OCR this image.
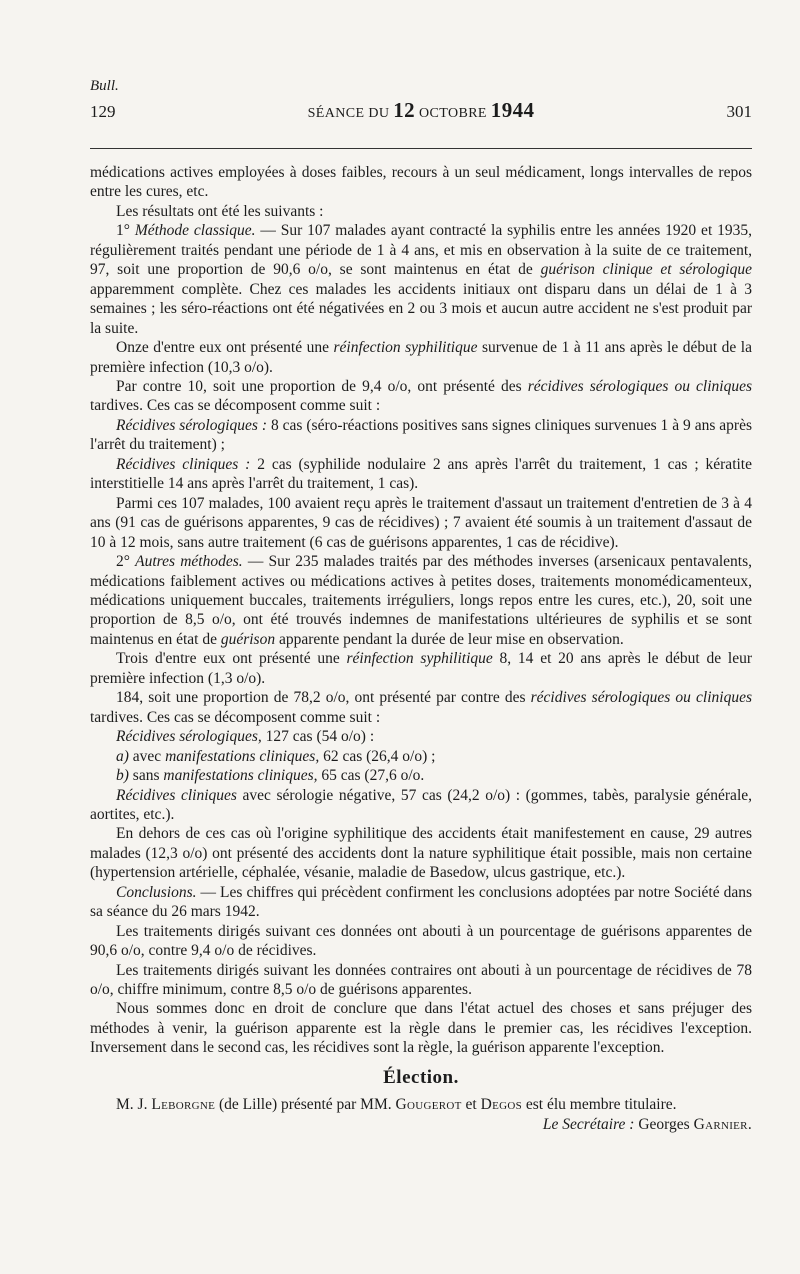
Bull.
129	SÉANCE DU 12 OCTOBRE 1944	301

médications actives employées à doses faibles, recours à un seul médicament, longs intervalles de repos entre les cures, etc.

Les résultats ont été les suivants :

1° Méthode classique. — Sur 107 malades ayant contracté la syphilis entre les années 1920 et 1935, régulièrement traités pendant une période de 1 à 4 ans, et mis en observation à la suite de ce traitement, 97, soit une proportion de 90,6 o/o, se sont maintenus en état de guérison clinique et sérologique apparemment complète. Chez ces malades les accidents initiaux ont disparu dans un délai de 1 à 3 semaines ; les séro-réactions ont été négativées en 2 ou 3 mois et aucun autre accident ne s'est produit par la suite.

Onze d'entre eux ont présenté une réinfection syphilitique survenue de 1 à 11 ans après le début de la première infection (10,3 o/o).

Par contre 10, soit une proportion de 9,4 o/o, ont présenté des récidives sérologiques ou cliniques tardives. Ces cas se décomposent comme suit :

Récidives sérologiques : 8 cas (séro-réactions positives sans signes cliniques survenues 1 à 9 ans après l'arrêt du traitement) ;

Récidives cliniques : 2 cas (syphilide nodulaire 2 ans après l'arrêt du traitement, 1 cas ; kératite interstitielle 14 ans après l'arrêt du traitement, 1 cas).

Parmi ces 107 malades, 100 avaient reçu après le traitement d'assaut un traitement d'entretien de 3 à 4 ans (91 cas de guérisons apparentes, 9 cas de récidives) ; 7 avaient été soumis à un traitement d'assaut de 10 à 12 mois, sans autre traitement (6 cas de guérisons apparentes, 1 cas de récidive).

2° Autres méthodes. — Sur 235 malades traités par des méthodes inverses (arsenicaux pentavalents, médications faiblement actives ou médications actives à petites doses, traitements monomédicamenteux, médications uniquement buccales, traitements irréguliers, longs repos entre les cures, etc.), 20, soit une proportion de 8,5 o/o, ont été trouvés indemnes de manifestations ultérieures de syphilis et se sont maintenus en état de guérison apparente pendant la durée de leur mise en observation.

Trois d'entre eux ont présenté une réinfection syphilitique 8, 14 et 20 ans après le début de leur première infection (1,3 o/o).

184, soit une proportion de 78,2 o/o, ont présenté par contre des récidives sérologiques ou cliniques tardives. Ces cas se décomposent comme suit :

Récidives sérologiques, 127 cas (54 o/o) :

a) avec manifestations cliniques, 62 cas (26,4 o/o) ;

b) sans manifestations cliniques, 65 cas (27,6 o/o.

Récidives cliniques avec sérologie négative, 57 cas (24,2 o/o) : (gommes, tabès, paralysie générale, aortites, etc.).

En dehors de ces cas où l'origine syphilitique des accidents était manifestement en cause, 29 autres malades (12,3 o/o) ont présenté des accidents dont la nature syphilitique était possible, mais non certaine (hypertension artérielle, céphalée, vésanie, maladie de Basedow, ulcus gastrique, etc.).

Conclusions. — Les chiffres qui précèdent confirment les conclusions adoptées par notre Société dans sa séance du 26 mars 1942.

Les traitements dirigés suivant ces données ont abouti à un pourcentage de guérisons apparentes de 90,6 o/o, contre 9,4 o/o de récidives.

Les traitements dirigés suivant les données contraires ont abouti à un pourcentage de récidives de 78 o/o, chiffre minimum, contre 8,5 o/o de guérisons apparentes.

Nous sommes donc en droit de conclure que dans l'état actuel des choses et sans préjuger des méthodes à venir, la guérison apparente est la règle dans le premier cas, les récidives l'exception. Inversement dans le second cas, les récidives sont la règle, la guérison apparente l'exception.

Élection.

M. J. Leborgne (de Lille) présenté par MM. Gougerot et Degos est élu membre titulaire.

Le Secrétaire : Georges Garnier.
